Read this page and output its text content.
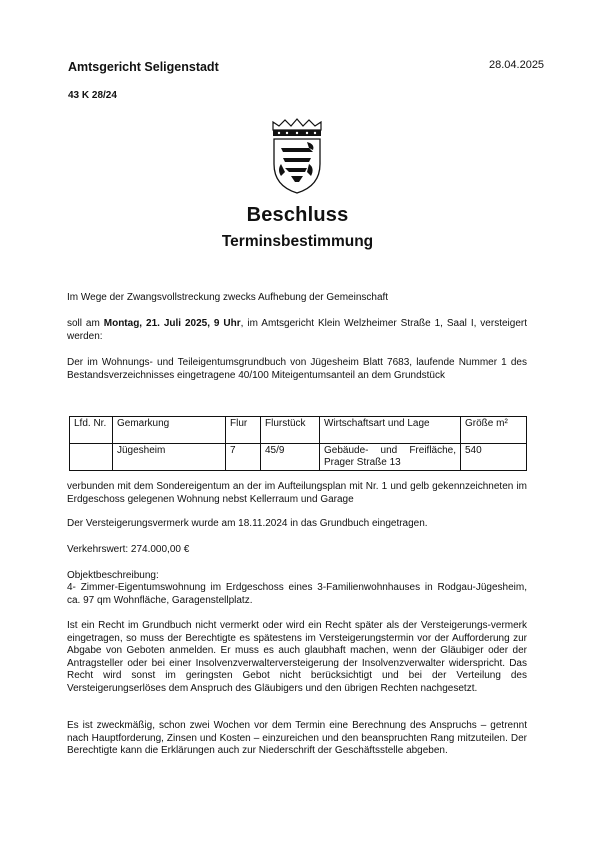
Amtsgericht Seligenstadt	28.04.2025
43 K 28/24
Beschluss
Terminsbestimmung

Im Wege der Zwangsvollstreckung zwecks Aufhebung der Gemeinschaft

soll am Montag, 21. Juli 2025, 9 Uhr, im Amtsgericht Klein Welzheimer Straße 1, Saal I, versteigert werden:

Der im Wohnungs- und Teileigentumsgrundbuch von Jügesheim Blatt 7683, laufende Nummer 1 des Bestandsverzeichnisses eingetragene 40/100 Miteigentumsanteil an dem Grundstück

Lfd. Nr.	Gemarkung	Flur	Flurstück	Wirtschaftsart und Lage	Größe m²
	Jügesheim	7	45/9	Gebäude- und Freifläche, Prager Straße 13	540

verbunden mit dem Sondereigentum an der im Aufteilungsplan mit Nr. 1 und gelb gekennzeichneten im Erdgeschoss gelegenen Wohnung nebst Kellerraum und Garage

Der Versteigerungsvermerk wurde am 18.11.2024 in das Grundbuch eingetragen.

Verkehrswert: 274.000,00 €

Objektbeschreibung:

4- Zimmer-Eigentumswohnung im Erdgeschoss eines 3-Familienwohnhauses in Rodgau-Jügesheim, ca. 97 qm Wohnfläche, Garagenstellplatz.

Ist ein Recht im Grundbuch nicht vermerkt oder wird ein Recht später als der Versteigerungs-vermerk eingetragen, so muss der Berechtigte es spätestens im Versteigerungstermin vor der Aufforderung zur Abgabe von Geboten anmelden. Er muss es auch glaubhaft machen, wenn der Gläubiger oder der Antragsteller oder bei einer Insolvenzverwalterversteigerung der Insolvenzverwalter widerspricht. Das Recht wird sonst im geringsten Gebot nicht berücksichtigt und bei der Verteilung des Versteigerungserlöses dem Anspruch des Gläubigers und den übrigen Rechten nachgesetzt.

Es ist zweckmäßig, schon zwei Wochen vor dem Termin eine Berechnung des Anspruchs – getrennt nach Hauptforderung, Zinsen und Kosten – einzureichen und den beanspruchten Rang mitzuteilen. Der Berechtigte kann die Erklärungen auch zur Niederschrift der Geschäftsstelle abgeben.
